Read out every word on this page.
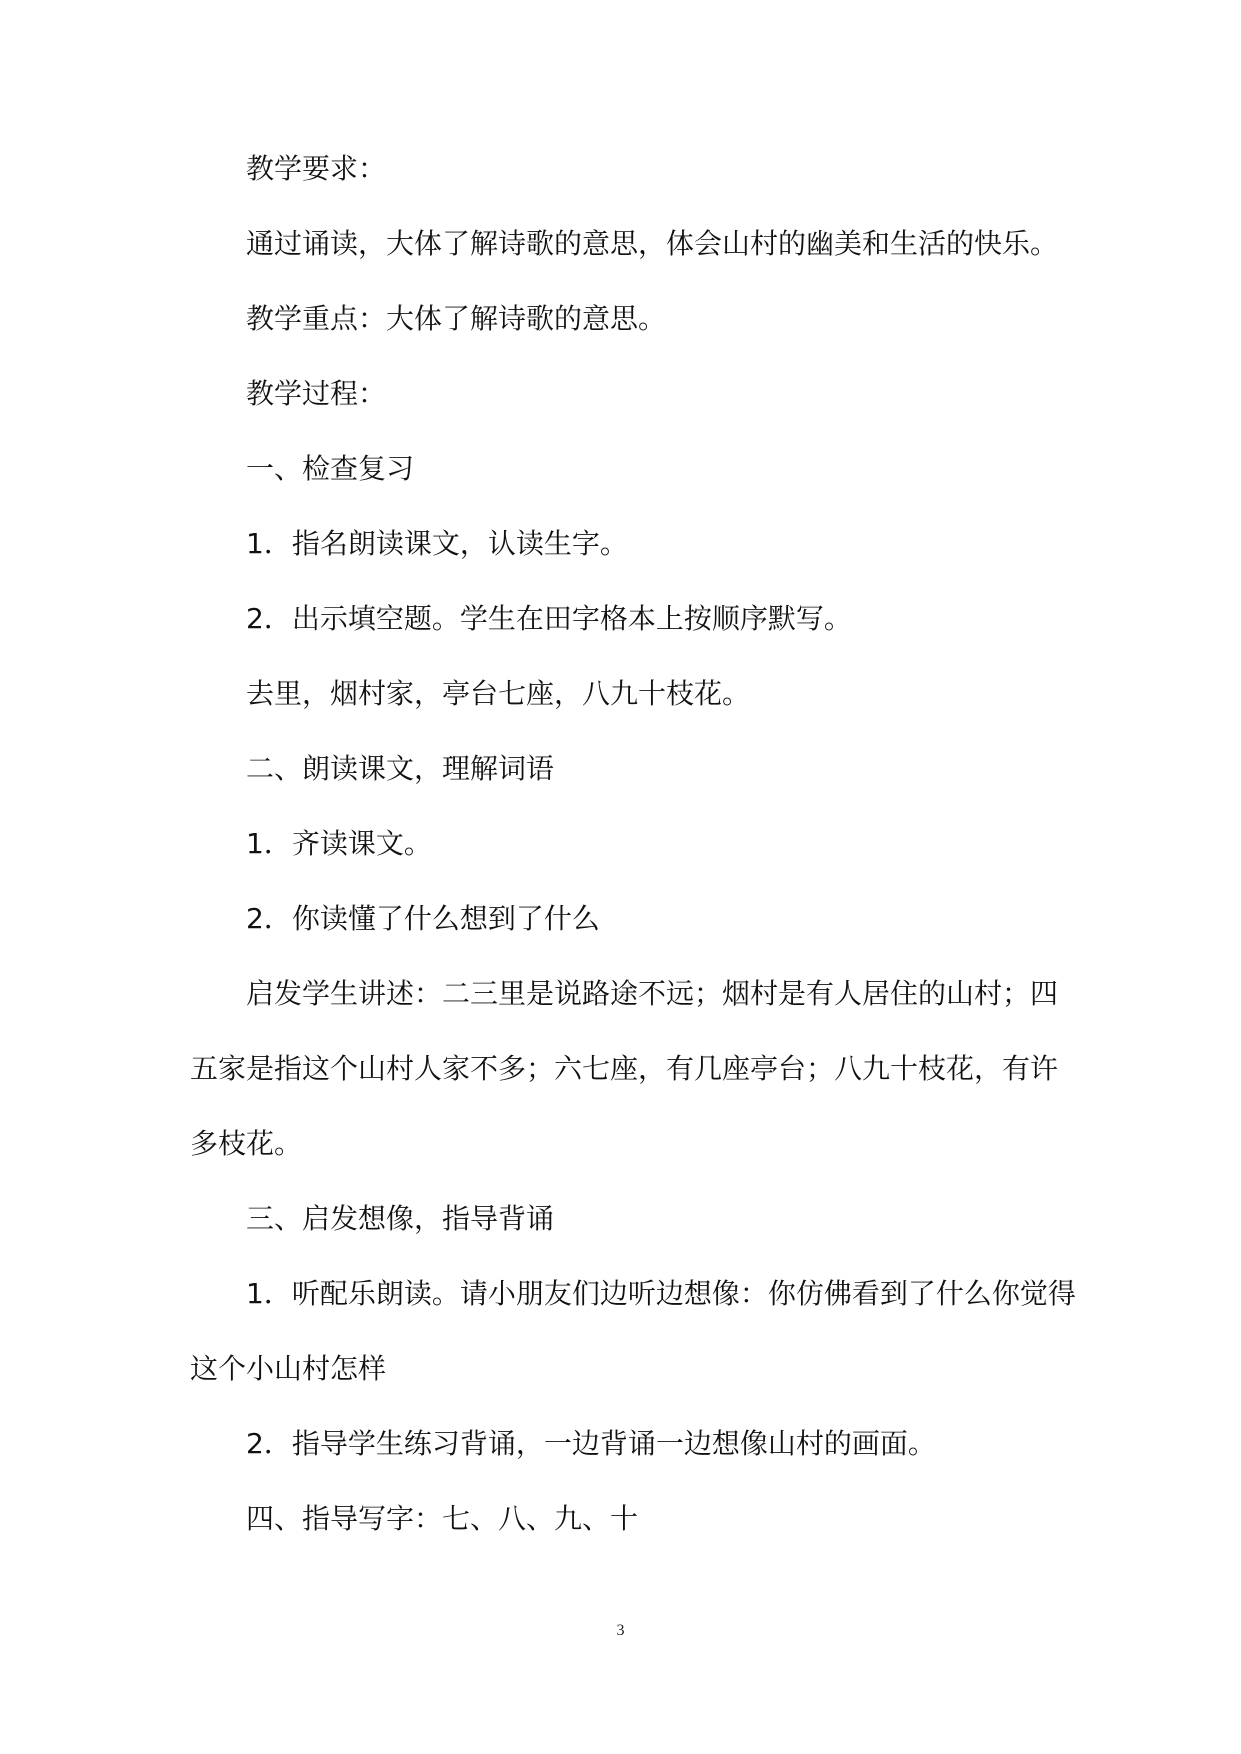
教学要求：

通过诵读，大体了解诗歌的意思，体会山村的幽美和生活的快乐。

教学重点：大体了解诗歌的意思。

教学过程：

一、检查复习

1．指名朗读课文，认读生字。

2．出示填空题。学生在田字格本上按顺序默写。

去里，烟村家，亭台七座，八九十枝花。

二、朗读课文，理解词语

1．齐读课文。

2．你读懂了什么想到了什么

启发学生讲述：二三里是说路途不远；烟村是有人居住的山村；四五家是指这个山村人家不多；六七座，有几座亭台；八九十枝花，有许多枝花。

三、启发想像，指导背诵

1．听配乐朗读。请小朋友们边听边想像：你仿佛看到了什么你觉得这个小山村怎样

2．指导学生练习背诵，一边背诵一边想像山村的画面。

四、指导写字：七、八、九、十

3
